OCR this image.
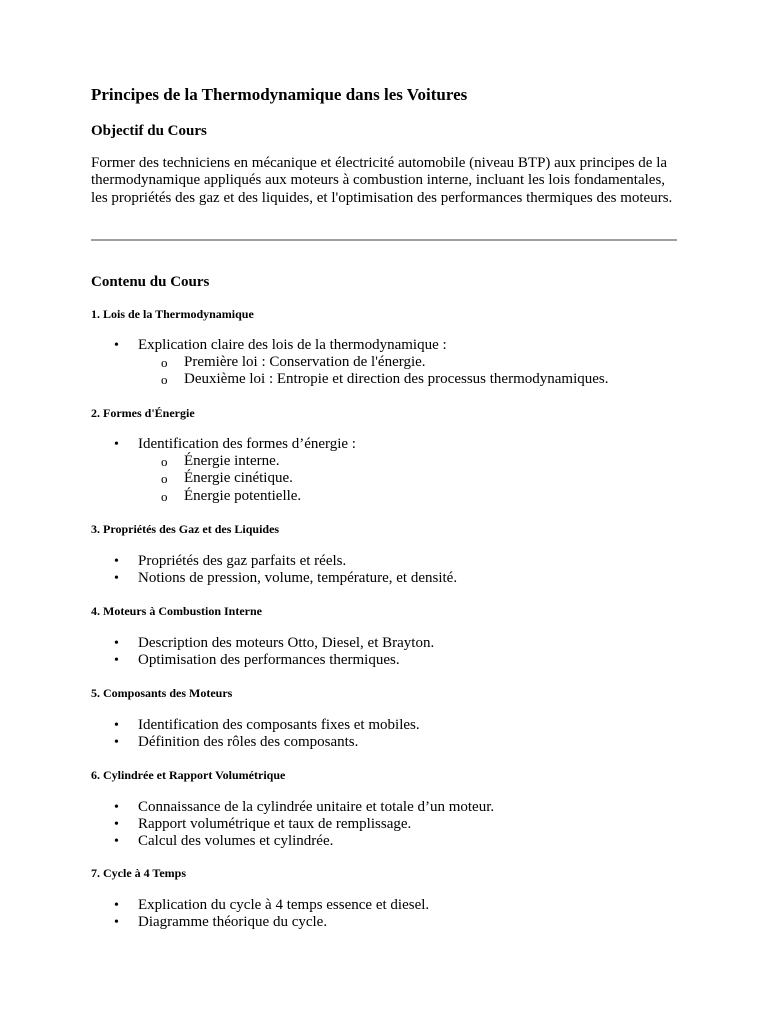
Principes de la Thermodynamique dans les Voitures
Objectif du Cours

Former des techniciens en mécanique et électricité automobile (niveau BTP) aux principes de la thermodynamique appliqués aux moteurs à combustion interne, incluant les lois fondamentales, les propriétés des gaz et des liquides, et l'optimisation des performances thermiques des moteurs.

Contenu du Cours
1. Lois de la Thermodynamique
• Explication claire des lois de la thermodynamique :
o Première loi : Conservation de l'énergie.
o Deuxième loi : Entropie et direction des processus thermodynamiques.
2. Formes d'Énergie
• Identification des formes d’énergie :
o Énergie interne.
o Énergie cinétique.
o Énergie potentielle.
3. Propriétés des Gaz et des Liquides
• Propriétés des gaz parfaits et réels.
• Notions de pression, volume, température, et densité.
4. Moteurs à Combustion Interne
• Description des moteurs Otto, Diesel, et Brayton.
• Optimisation des performances thermiques.
5. Composants des Moteurs
• Identification des composants fixes et mobiles.
• Définition des rôles des composants.
6. Cylindrée et Rapport Volumétrique
• Connaissance de la cylindrée unitaire et totale d’un moteur.
• Rapport volumétrique et taux de remplissage.
• Calcul des volumes et cylindrée.
7. Cycle à 4 Temps
• Explication du cycle à 4 temps essence et diesel.
• Diagramme théorique du cycle.
